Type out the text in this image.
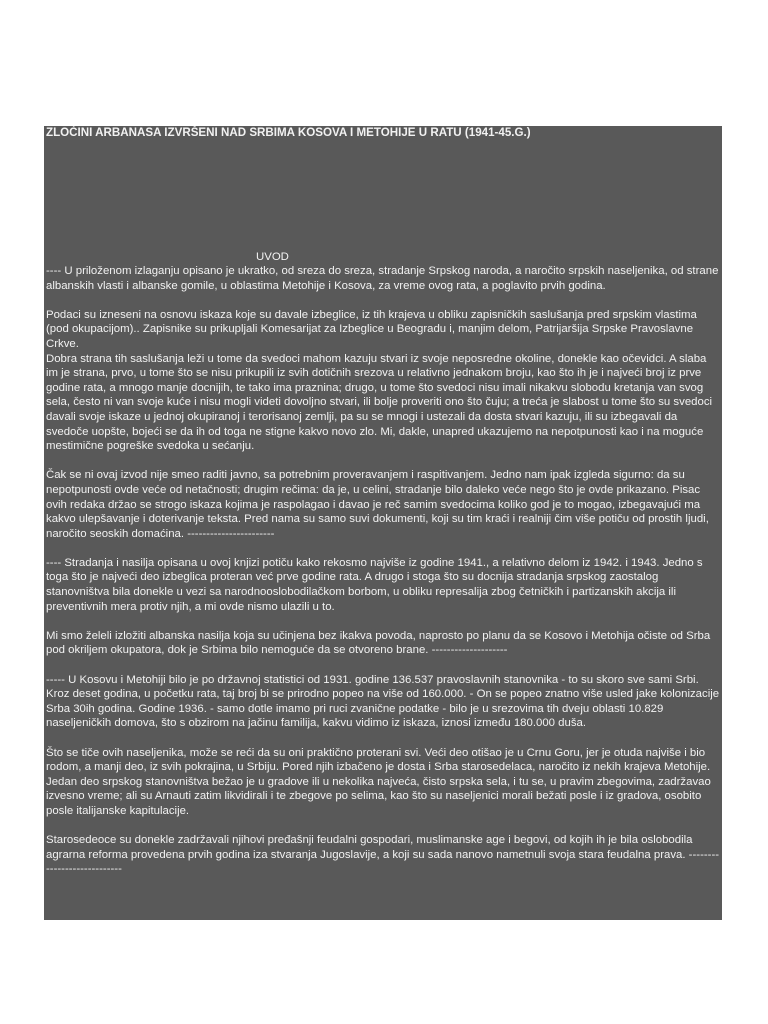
ZLOĆINI ARBANASA IZVRŠENI NAD SRBIMA KOSOVA I METOHIJE U RATU (1941-45.G.)
UVOD

---- U priloženom izlaganju opisano je ukratko, od sreza do sreza, stradanje Srpskog naroda, a naročito srpskih naseljenika, od strane albanskih vlasti i albanske gomile, u oblastima Metohije i Kosova, za vreme ovog rata, a poglavito prvih godina.

Podaci su izneseni na osnovu iskaza koje su davale izbeglice, iz tih krajeva u obliku zapisničkih saslušanja pred srpskim vlastima (pod okupacijom).. Zapisnike su prikupljali Komesarijat za Izbeglice u Beogradu i, manjim delom, Patrijaršija Srpske Pravoslavne Crkve.

Dobra strana tih saslušanja leži u tome da svedoci mahom kazuju stvari iz svoje neposredne okoline, donekle kao očevidci. A slaba im je strana, prvo, u tome što se nisu prikupili iz svih dotičnih srezova u relativno jednakom broju, kao što ih je i najveći broj iz prve godine rata, a mnogo manje docnijih, te tako ima praznina; drugo, u tome što svedoci nisu imali nikakvu slobodu kretanja van svog sela, često ni van svoje kuće i nisu mogli videti dovoljno stvari, ili bolje proveriti ono što čuju; a treća je slabost u tome što su svedoci davali svoje iskaze u jednoj okupiranoj i terorisanoj zemlji, pa su se mnogi i ustezali da dosta stvari kazuju, ili su izbegavali da svedoče uopšte, bojeći se da ih od toga ne stigne kakvo novo zlo. Mi, dakle, unapred ukazujemo na nepotpunosti kao i na moguće mestimične pogreške svedoka u sećanju.

Čak se ni ovaj izvod nije smeo raditi javno, sa potrebnim proveravanjem i raspitivanjem. Jedno nam ipak izgleda sigurno: da su nepotpunosti ovde veće od netačnosti; drugim rečima: da je, u celini, stradanje bilo daleko veće nego što je ovde prikazano. Pisac ovih redaka držao se strogo iskaza kojima je raspolagao i davao je reč samim svedocima koliko god je to mogao, izbegavajući ma kakvo ulepšavanje i doterivanje teksta. Pred nama su samo suvi dokumenti, koji su tim kraći i realniji čim više potiču od prostih ljudi, naročito seoskih domaćina. -----------------------

---- Stradanja i nasilja opisana u ovoj knjizi potiču kako rekosmo najviše iz godine 1941., a relativno delom iz 1942. i 1943. Jedno s toga što je najveći deo izbeglica proteran već prve godine rata. A drugo i stoga što su docnija stradanja srpskog zaostalog stanovništva bila donekle u vezi sa narodnooslobodilačkom borbom, u obliku represalija zbog četničkih i partizanskih akcija ili preventivnih mera protiv njih, a mi ovde nismo ulazili u to.

Mi smo želeli izložiti albanska nasilja koja su učinjena bez ikakva povoda, naprosto po planu da se Kosovo i Metohija očiste od Srba pod okriljem okupatora, dok je Srbima bilo nemoguće da se otvoreno brane. --------------------

----- U Kosovu i Metohiji bilo je po državnoj statistici od 1931. godine 136.537 pravoslavnih stanovnika - to su skoro sve sami Srbi. Kroz deset godina, u početku rata, taj broj bi se prirodno popeo na više od 160.000. - On se popeo znatno više usled jake kolonizacije Srba 30ih godina. Godine 1936. - samo dotle imamo pri ruci zvanične podatke - bilo je u srezovima tih dveju oblasti 10.829 naseljeničkih domova, što s obzirom na jačinu familija, kakvu vidimo iz iskaza, iznosi između 180.000 duša.

Što se tiče ovih naseljenika, može se reći da su oni praktično proterani svi. Veći deo otišao je u Crnu Goru, jer je otuda najviše i bio rodom, a manji deo, iz svih pokrajina, u Srbiju. Pored njih izbačeno je dosta i Srba starosedelaca, naročito iz nekih krajeva Metohije. Jedan deo srpskog stanovništva bežao je u gradove ili u nekolika najveća, čisto srpska sela, i tu se, u pravim zbegovima, zadržavao izvesno vreme; ali su Arnauti zatim likvidirali i te zbegove po selima, kao što su naseljenici morali bežati posle i iz gradova, osobito posle italijanske kapitulacije.

Starosedeoce su donekle zadržavali njihovi pređašnji feudalni gospodari, muslimanske age i begovi, od kojih ih je bila oslobodila agrarna reforma provedena prvih godina iza stvaranja Jugoslavije, a koji su sada nanovo nametnuli svoja stara feudalna prava. ----------------------------
